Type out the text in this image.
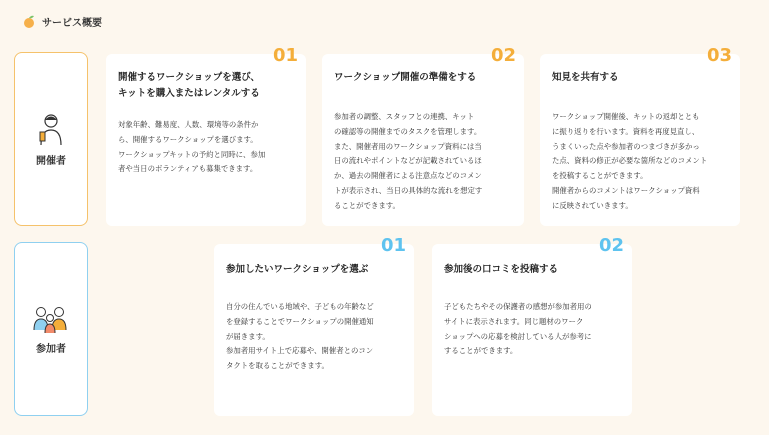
サービス概要
開催者
参加者
01
開催するワークショップを選び、
キットを購入またはレンタルする

対象年齢、難易度、人数、環境等の条件か
ら、開催するワークショップを選びます。
ワークショップキットの予約と同時に、参加
者や当日のボランティアも募集できます。

02
ワークショップ開催の準備をする

参加者の調整、スタッフとの連携、キット
の確認等の開催までのタスクを管理します。
また、開催者用のワークショップ資料には当
日の流れやポイントなどが記載されているほ
か、過去の開催者による注意点などのコメン
トが表示され、当日の具体的な流れを想定す
ることができます。

03
知見を共有する

ワークショップ開催後、キットの返却ととも
に振り返りを行います。資料を再度見直し、
うまくいった点や参加者のつまづきが多かっ
た点、資料の修正が必要な箇所などのコメント
を投稿することができます。
開催者からのコメントはワークショップ資料
に反映されていきます。

01
参加したいワークショップを選ぶ

自分の住んでいる地域や、子どもの年齢など
を登録することでワークショップの開催通知
が届きます。
参加者用サイト上で応募や、開催者とのコン
タクトを取ることができます。

02
参加後の口コミを投稿する

子どもたちやその保護者の感想が参加者用の
サイトに表示されます。同じ題材のワーク
ショップへの応募を検討している人が参考に
することができます。
